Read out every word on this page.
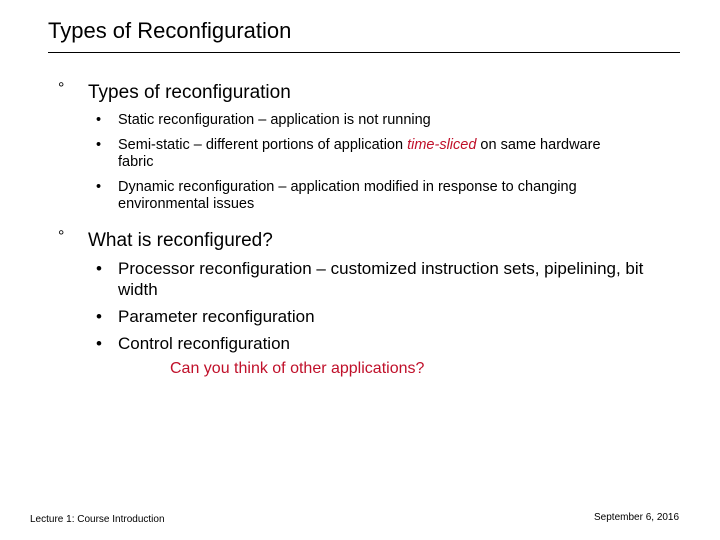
Types of Reconfiguration
° Types of reconfiguration
• Static reconfiguration – application is not running
• Semi-static – different portions of application time-sliced on same hardware fabric
• Dynamic reconfiguration – application modified in response to changing environmental issues
° What is reconfigured?
• Processor reconfiguration – customized instruction sets, pipelining, bit width
• Parameter reconfiguration
• Control reconfiguration
Can you think of other applications?
Lecture 1: Course Introduction	September 6, 2016
